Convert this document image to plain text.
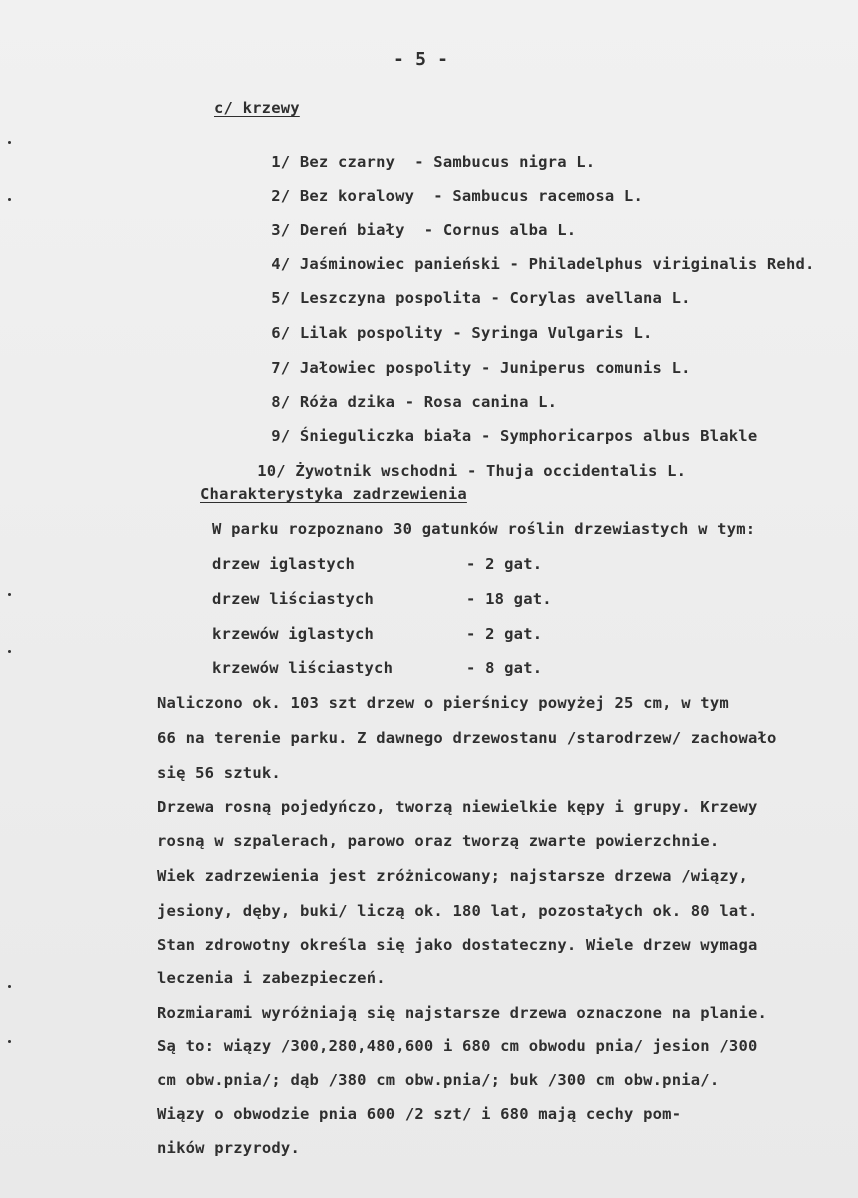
- 5 -
c/ krzewy

1/ Bez czarny - Sambucus nigra L.

2/ Bez koralowy - Sambucus racemosa L.

3/ Dereń biały - Cornus alba L.

4/ Jaśminowiec panieński - Philadelphus viriginalis Rehd.

5/ Leszczyna pospolita - Corylas avellana L.

6/ Lilak pospolity - Syringa Vulgaris L.

7/ Jałowiec pospolity - Juniperus comunis L.

8/ Róża dzika - Rosa canina L.

9/ Śnieguliczka biała - Symphoricarpos albus Blakle

10/ Żywotnik wschodni - Thuja occidentalis L.

Charakterystyka zadrzewienia
W parku rozpoznano 30 gatunków roślin drzewiastych w tym:
drzew iglastych	- 2 gat.
drzew liściastych	- 18 gat.
krzewów iglastych	- 2 gat.
krzewów liściastych	- 8 gat.
Naliczono ok. 103 szt drzew o pierśnicy powyżej 25 cm, w tym
66 na terenie parku. Z dawnego drzewostanu /starodrzew/ zachowało
się 56 sztuk.
Drzewa rosną pojedyńczo, tworzą niewielkie kępy i grupy. Krzewy
rosną w szpalerach, parowo oraz tworzą zwarte powierzchnie.
Wiek zadrzewienia jest zróżnicowany; najstarsze drzewa /wiązy,
jesiony, dęby, buki/ liczą ok. 180 lat, pozostałych ok. 80 lat.
Stan zdrowotny określa się jako dostateczny. Wiele drzew wymaga
leczenia i zabezpieczeń.
Rozmiarami wyróżniają się najstarsze drzewa oznaczone na planie.
Są to: wiązy /300,280,480,600 i 680 cm obwodu pnia/ jesion /300
cm obw.pnia/; dąb /380 cm obw.pnia/; buk /300 cm obw.pnia/.
Wiązy o obwodzie pnia 600 /2 szt/ i 680 mają cechy pom-
ników przyrody.
